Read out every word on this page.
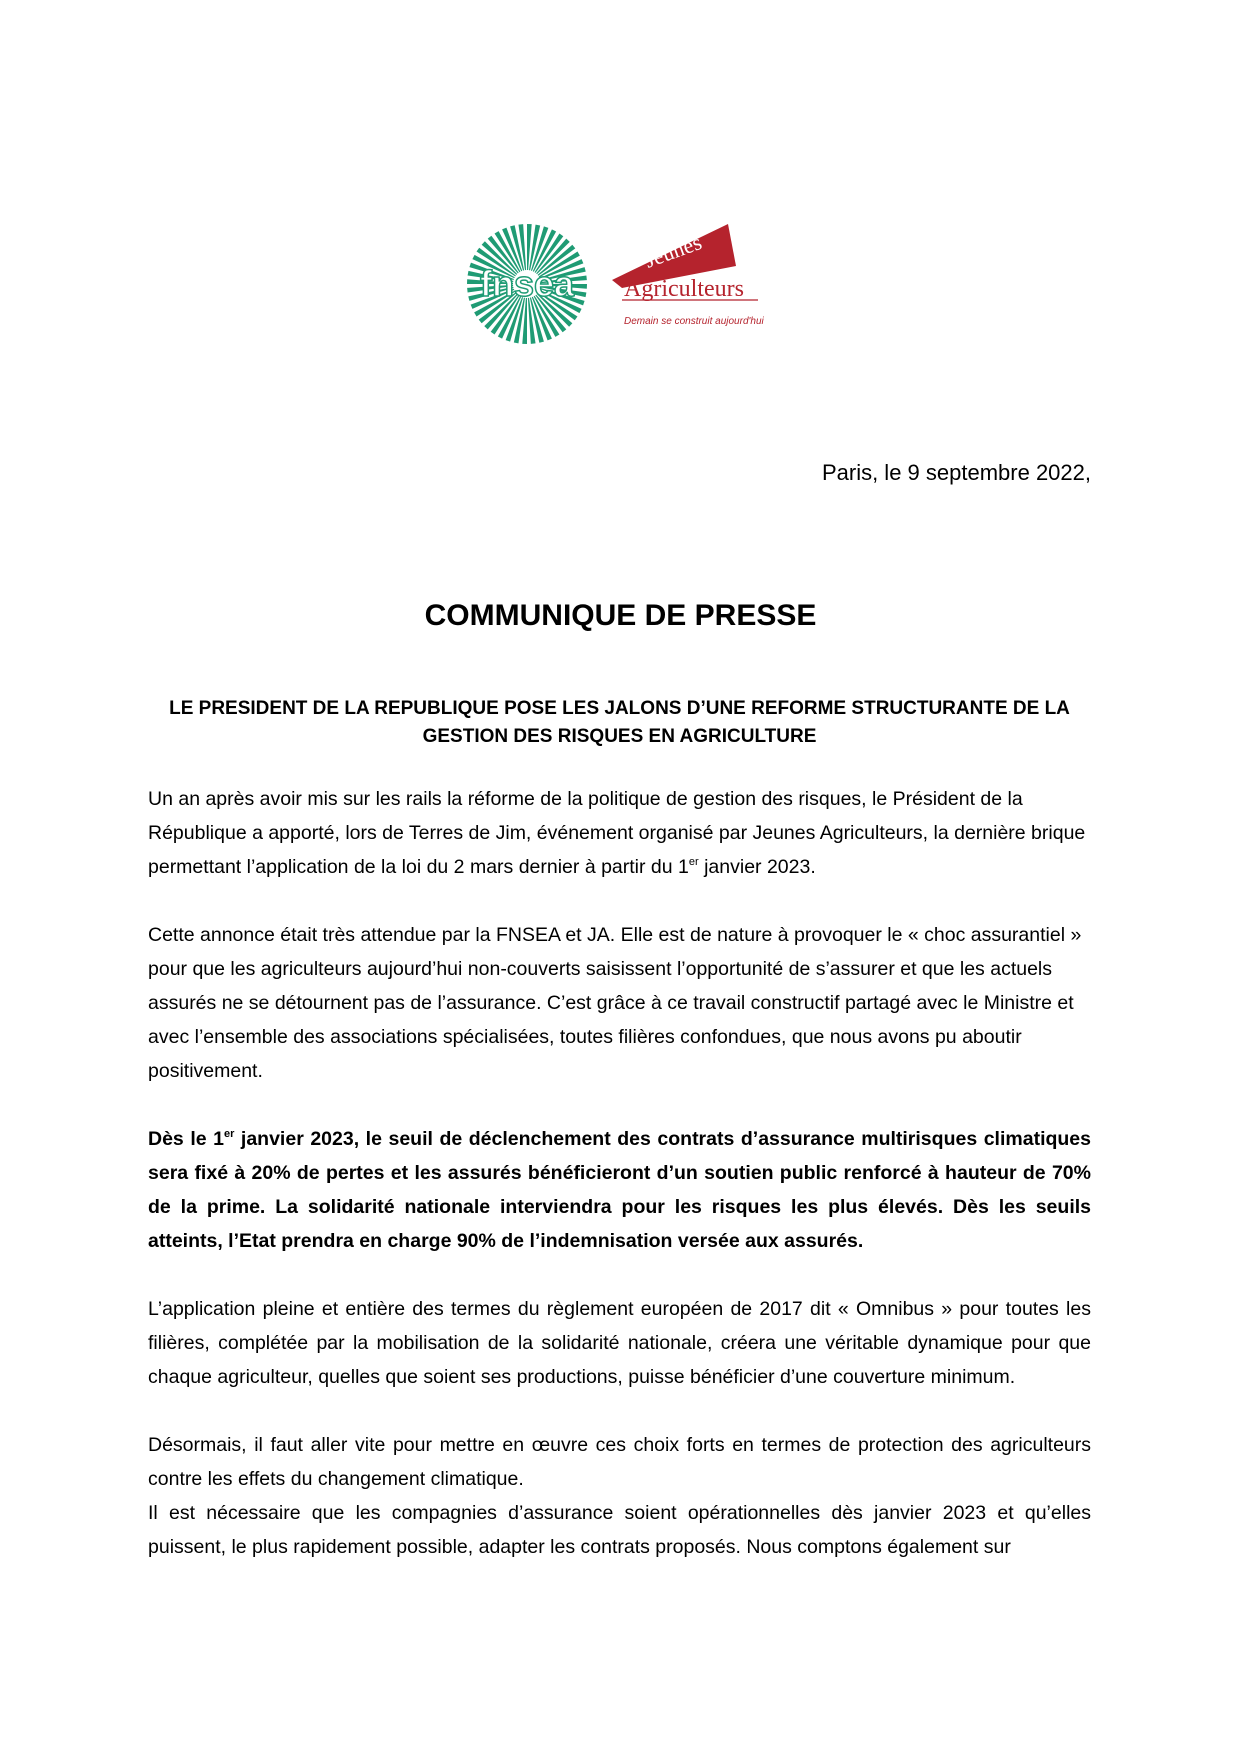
fnsea
Jeunes
Agriculteurs
Demain se construit aujourd'hui

Paris, le 9 septembre 2022,

COMMUNIQUE DE PRESSE
LE PRESIDENT DE LA REPUBLIQUE POSE LES JALONS D’UNE REFORME STRUCTURANTE DE LA
GESTION DES RISQUES EN AGRICULTURE

Un an après avoir mis sur les rails la réforme de la politique de gestion des risques, le Président de la République a apporté, lors de Terres de Jim, événement organisé par Jeunes Agriculteurs, la dernière brique permettant l’application de la loi du 2 mars dernier à partir du 1er janvier 2023.

Cette annonce était très attendue par la FNSEA et JA. Elle est de nature à provoquer le « choc assurantiel » pour que les agriculteurs aujourd’hui non-couverts saisissent l’opportunité de s’assurer et que les actuels assurés ne se détournent pas de l’assurance. C’est grâce à ce travail constructif partagé avec le Ministre et avec l’ensemble des associations spécialisées, toutes filières confondues, que nous avons pu aboutir positivement.

Dès le 1er janvier 2023, le seuil de déclenchement des contrats d’assurance multirisques climatiques sera fixé à 20% de pertes et les assurés bénéficieront d’un soutien public renforcé à hauteur de 70% de la prime. La solidarité nationale interviendra pour les risques les plus élevés. Dès les seuils atteints, l’Etat prendra en charge 90% de l’indemnisation versée aux assurés.

L’application pleine et entière des termes du règlement européen de 2017 dit « Omnibus » pour toutes les filières, complétée par la mobilisation de la solidarité nationale, créera une véritable dynamique pour que chaque agriculteur, quelles que soient ses productions, puisse bénéficier d’une couverture minimum.

Désormais, il faut aller vite pour mettre en œuvre ces choix forts en termes de protection des agriculteurs contre les effets du changement climatique.

Il est nécessaire que les compagnies d’assurance soient opérationnelles dès janvier 2023 et qu’elles puissent, le plus rapidement possible, adapter les contrats proposés. Nous comptons également sur
